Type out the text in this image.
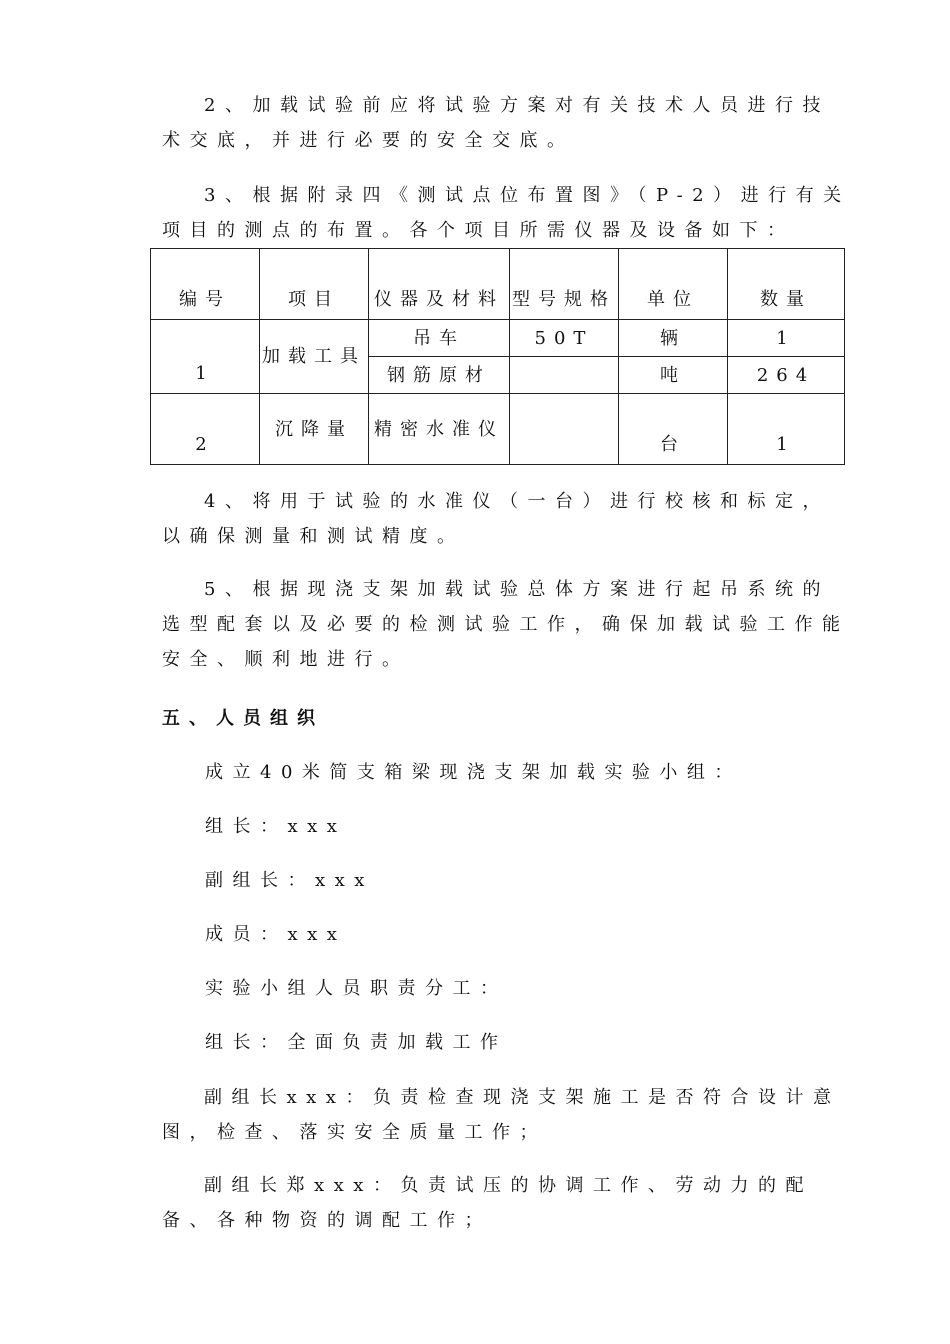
2、加载试验前应将试验方案对有关技术人员进行技术交底，并进行必要的安全交底。

3、根据附录四《测试点位布置图》（P-2）进行有关项目的测点的布置。各个项目所需仪器及设备如下：

编号	项目	仪器及材料	型号规格	单位	数量
1	加载工具	吊车	50T	辆	1
		钢筋原材		吨	264
2	沉降量	精密水准仪		台	1

4、将用于试验的水准仪（一台）进行校核和标定，以确保测量和测试精度。

5、根据现浇支架加载试验总体方案进行起吊系统的选型配套以及必要的检测试验工作，确保加载试验工作能安全、顺利地进行。

五、人员组织

成立40米简支箱梁现浇支架加载实验小组：

组长：xxx

副组长：xxx

成员：xxx

实验小组人员职责分工：

组长：全面负责加载工作

副组长xxx：负责检查现浇支架施工是否符合设计意图，检查、落实安全质量工作；

副组长郑xxx：负责试压的协调工作、劳动力的配备、各种物资的调配工作；
